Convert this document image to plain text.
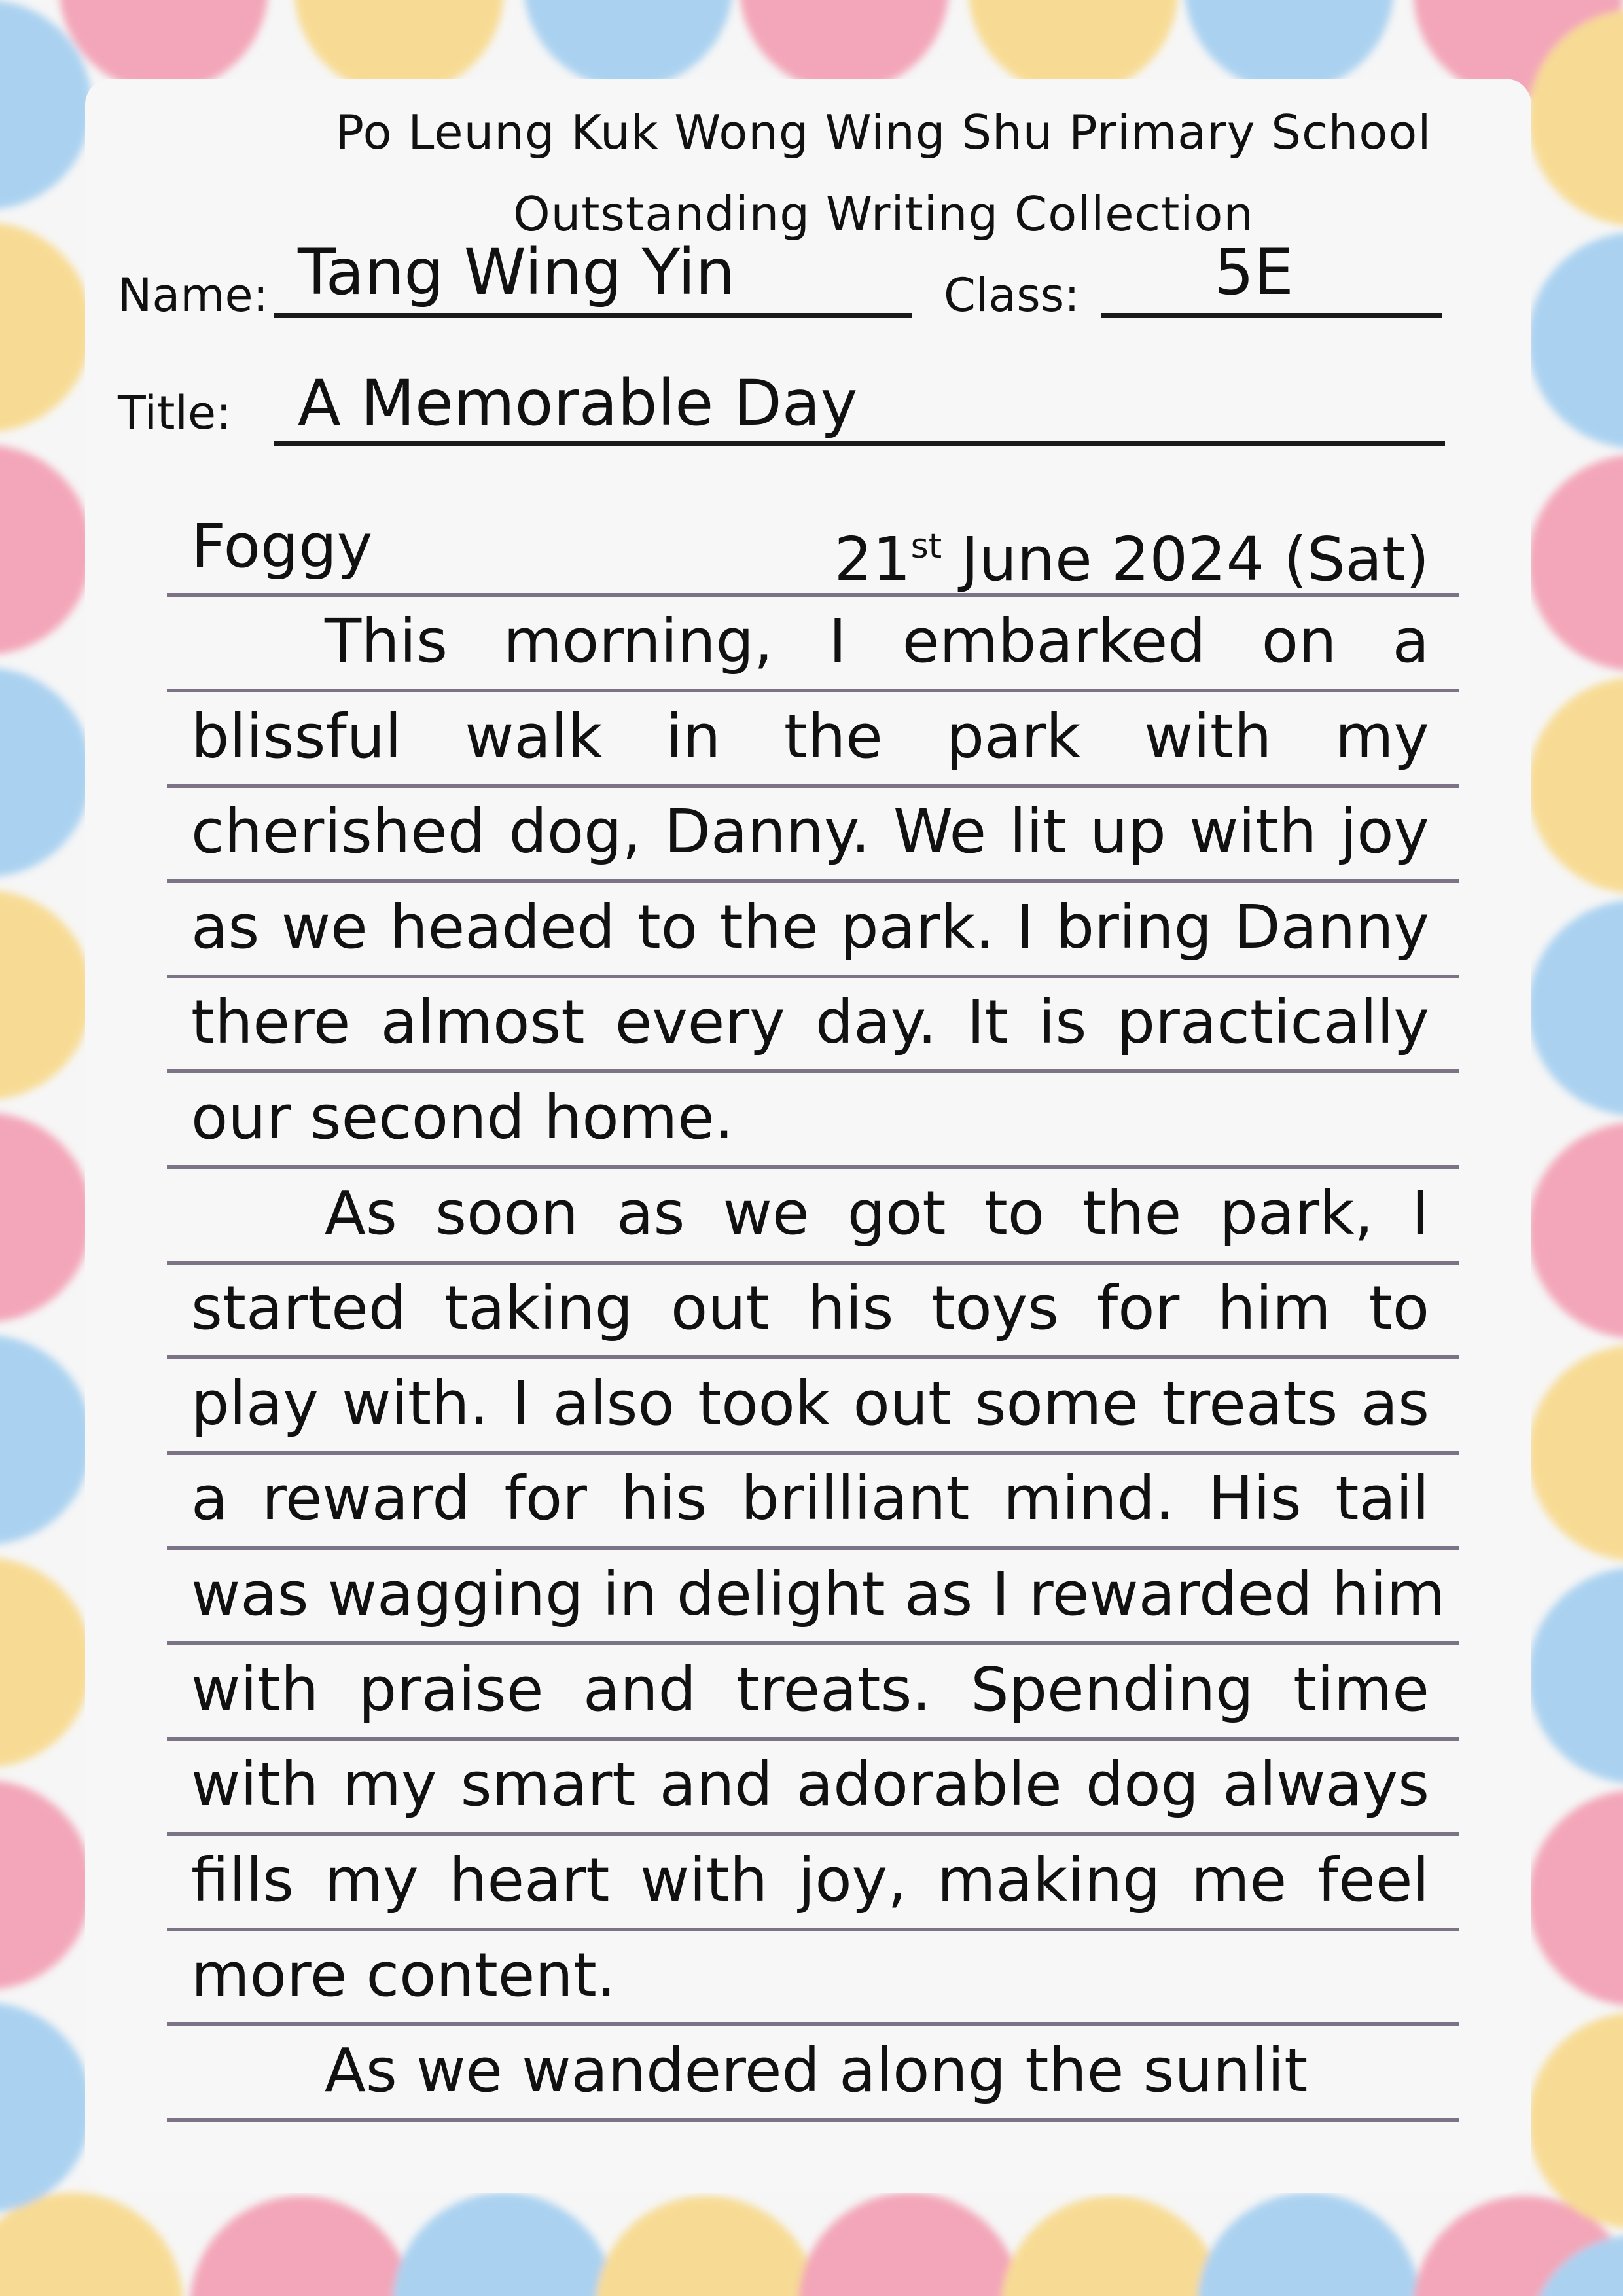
Po Leung Kuk Wong Wing Shu Primary School
Outstanding Writing Collection
Name: Tang Wing Yin	Class: 5E
Title: A Memorable Day
Foggy	21st June 2024 (Sat)
This morning, I embarked on a
blissful walk in the park with my
cherished dog, Danny. We lit up with joy
as we headed to the park. I bring Danny
there almost every day. It is practically
our second home.
As soon as we got to the park, I
started taking out his toys for him to
play with. I also took out some treats as
a reward for his brilliant mind. His tail
was wagging in delight as I rewarded him
with praise and treats. Spending time
with my smart and adorable dog always
fills my heart with joy, making me feel
more content.
As we wandered along the sunlit
